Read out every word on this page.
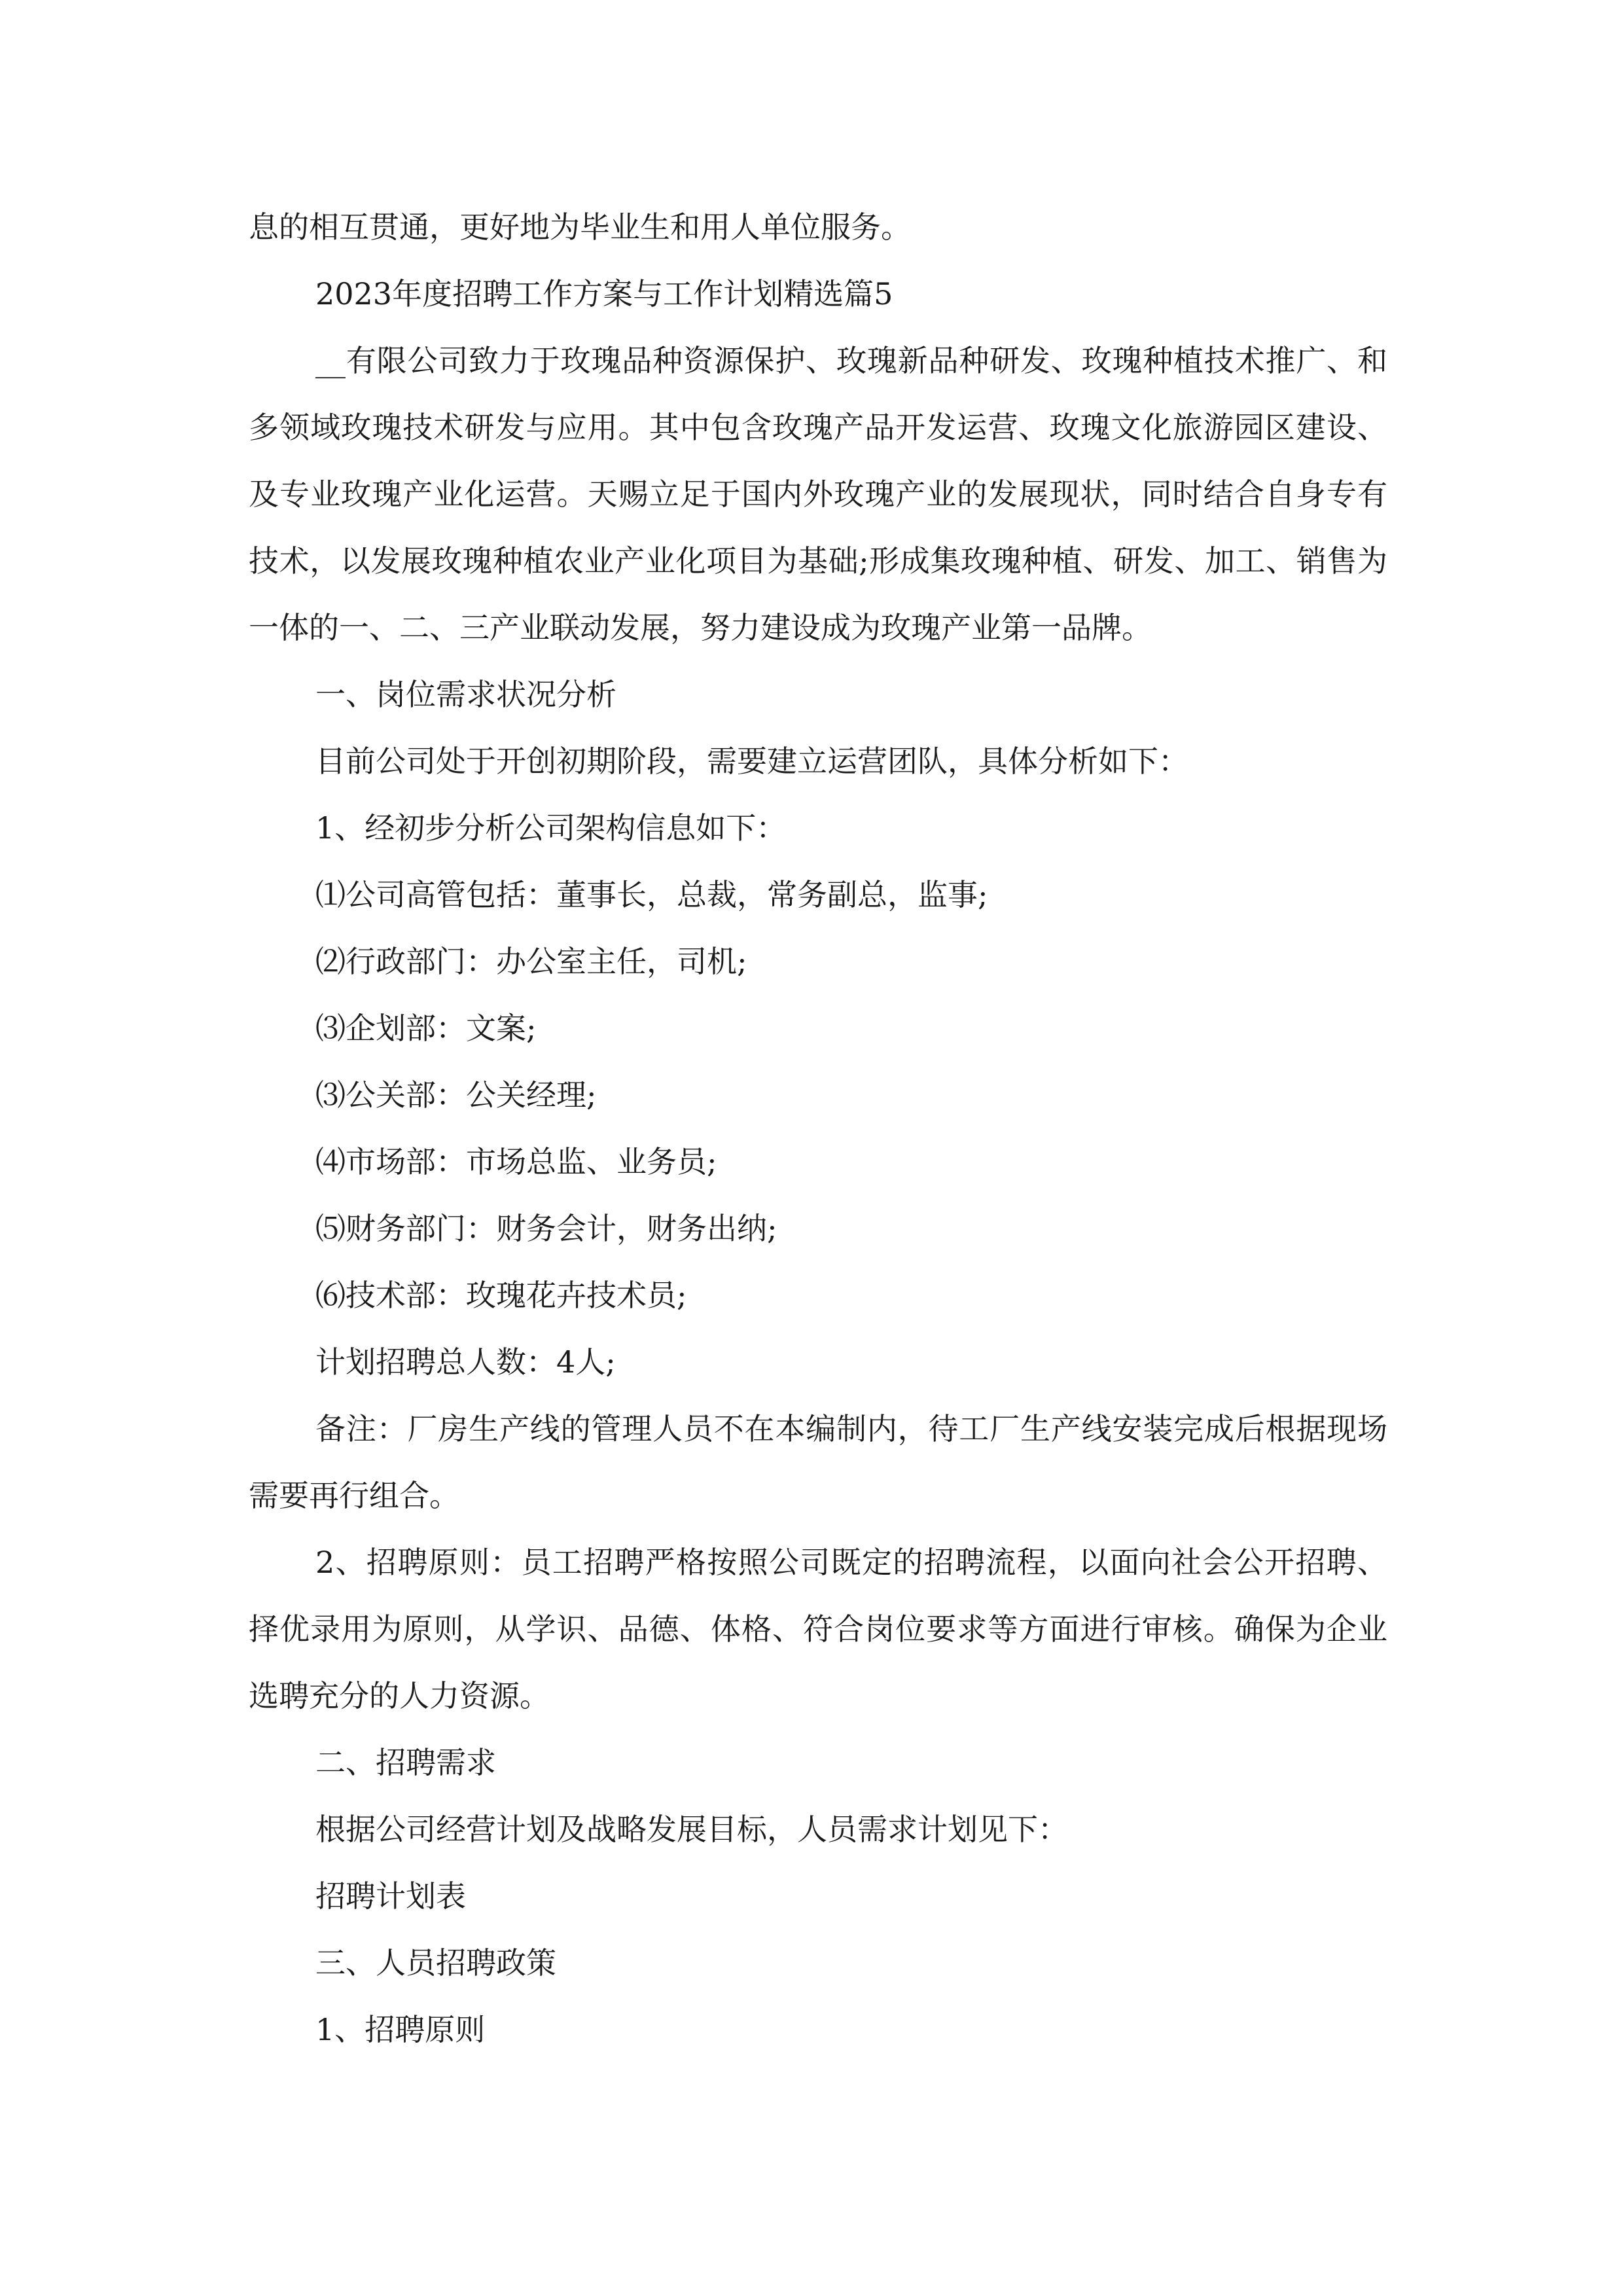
息的相互贯通，更好地为毕业生和用人单位服务。

2023年度招聘工作方案与工作计划精选篇5

__有限公司致力于玫瑰品种资源保护、玫瑰新品种研发、玫瑰种植技术推广、和多领域玫瑰技术研发与应用。其中包含玫瑰产品开发运营、玫瑰文化旅游园区建设、及专业玫瑰产业化运营。天赐立足于国内外玫瑰产业的发展现状，同时结合自身专有技术，以发展玫瑰种植农业产业化项目为基础;形成集玫瑰种植、研发、加工、销售为一体的一、二、三产业联动发展，努力建设成为玫瑰产业第一品牌。

一、岗位需求状况分析

目前公司处于开创初期阶段，需要建立运营团队，具体分析如下：

1、经初步分析公司架构信息如下：

⑴公司高管包括：董事长，总裁，常务副总，监事;

⑵行政部门：办公室主任，司机;

⑶企划部：文案;

⑶公关部：公关经理;

⑷市场部：市场总监、业务员;

⑸财务部门：财务会计，财务出纳;

⑹技术部：玫瑰花卉技术员;

计划招聘总人数：4人;

备注：厂房生产线的管理人员不在本编制内，待工厂生产线安装完成后根据现场需要再行组合。

2、招聘原则：员工招聘严格按照公司既定的招聘流程，以面向社会公开招聘、择优录用为原则，从学识、品德、体格、符合岗位要求等方面进行审核。确保为企业选聘充分的人力资源。

二、招聘需求

根据公司经营计划及战略发展目标，人员需求计划见下：

招聘计划表

三、人员招聘政策

1、招聘原则
